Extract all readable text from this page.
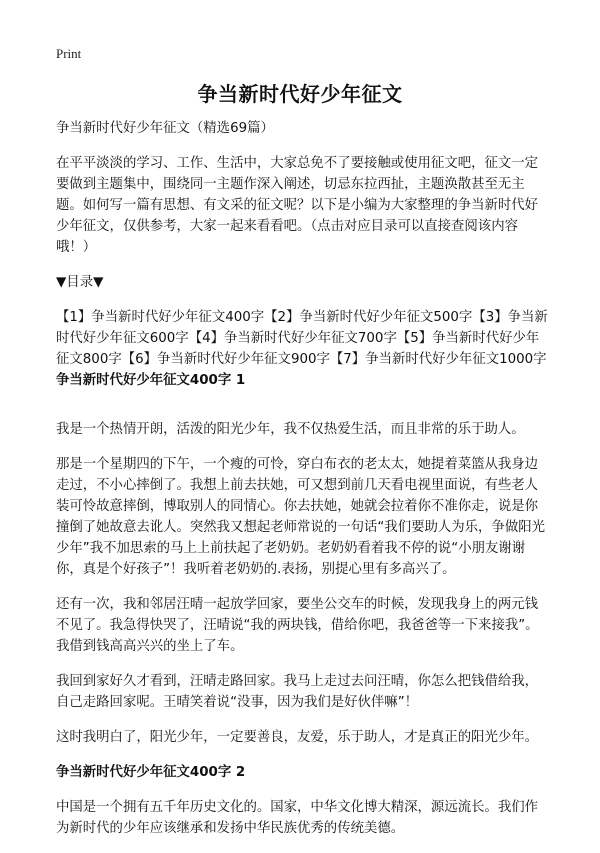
Print
争当新时代好少年征文

争当新时代好少年征文（精选69篇）

在平平淡淡的学习、工作、生活中，大家总免不了要接触或使用征文吧，征文一定要做到主题集中，围绕同一主题作深入阐述，切忌东拉西扯，主题涣散甚至无主题。如何写一篇有思想、有文采的征文呢？以下是小编为大家整理的争当新时代好少年征文，仅供参考，大家一起来看看吧。（点击对应目录可以直接查阅该内容哦！）

▼目录▼

【1】争当新时代好少年征文400字【2】争当新时代好少年征文500字【3】争当新时代好少年征文600字【4】争当新时代好少年征文700字【5】争当新时代好少年征文800字【6】争当新时代好少年征文900字【7】争当新时代好少年征文1000字争当新时代好少年征文400字 1

我是一个热情开朗，活泼的阳光少年，我不仅热爱生活，而且非常的乐于助人。

那是一个星期四的下午，一个瘦的可怜，穿白布衣的老太太，她提着菜篮从我身边走过，不小心摔倒了。我想上前去扶她，可又想到前几天看电视里面说，有些老人装可怜故意摔倒，博取别人的同情心。你去扶她，她就会拉着你不准你走，说是你撞倒了她故意去讹人。突然我又想起老师常说的一句话“我们要助人为乐，争做阳光少年”我不加思索的马上上前扶起了老奶奶。老奶奶看着我不停的说“小朋友谢谢你，真是个好孩子”！我听着老奶奶的.表扬，别提心里有多高兴了。

还有一次，我和邻居汪晴一起放学回家，要坐公交车的时候，发现我身上的两元钱不见了。我急得快哭了，汪晴说“我的两块钱，借给你吧，我爸爸等一下来接我”。我借到钱高高兴兴的坐上了车。

我回到家好久才看到，汪晴走路回家。我马上走过去问汪晴，你怎么把钱借给我，自己走路回家呢。王晴笑着说“没事，因为我们是好伙伴嘛”！

这时我明白了，阳光少年，一定要善良，友爱，乐于助人，才是真正的阳光少年。

争当新时代好少年征文400字 2

中国是一个拥有五千年历史文化的。国家，中华文化博大精深，源远流长。我们作为新时代的少年应该继承和发扬中华民族优秀的传统美德。
